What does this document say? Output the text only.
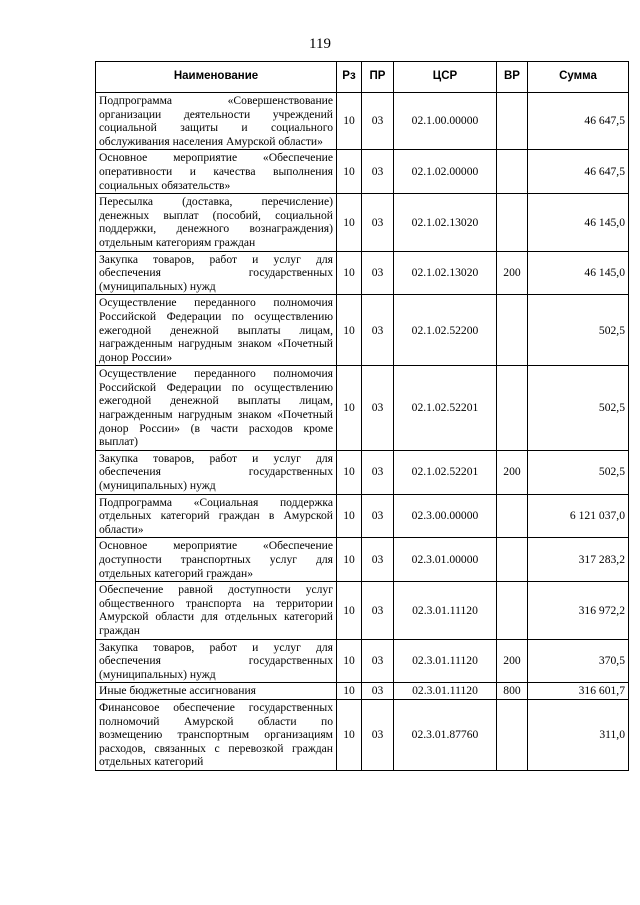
119
Наименование	Рз	ПР	ЦСР	ВР	Сумма
Подпрограмма «Совершенствование организации деятельности учреждений социальной защиты и социального обслуживания населения Амурской области»	10	03	02.1.00.00000		46 647,5
Основное мероприятие «Обеспечение оперативности и качества выполнения социальных обязательств»	10	03	02.1.02.00000		46 647,5
Пересылка (доставка, перечисление) денежных выплат (пособий, социальной поддержки, денежного вознаграждения) отдельным категориям граждан	10	03	02.1.02.13020		46 145,0
Закупка товаров, работ и услуг для обеспечения государственных (муниципальных) нужд	10	03	02.1.02.13020	200	46 145,0
Осуществление переданного полномочия Российской Федерации по осуществлению ежегодной денежной выплаты лицам, награжденным нагрудным знаком «Почетный донор России»	10	03	02.1.02.52200		502,5
Осуществление переданного полномочия Российской Федерации по осуществлению ежегодной денежной выплаты лицам, награжденным нагрудным знаком «Почетный донор России» (в части расходов кроме выплат)	10	03	02.1.02.52201		502,5
Закупка товаров, работ и услуг для обеспечения государственных (муниципальных) нужд	10	03	02.1.02.52201	200	502,5
Подпрограмма «Социальная поддержка отдельных категорий граждан в Амурской области»	10	03	02.3.00.00000		6 121 037,0
Основное мероприятие «Обеспечение доступности транспортных услуг для отдельных категорий граждан»	10	03	02.3.01.00000		317 283,2
Обеспечение равной доступности услуг общественного транспорта на территории Амурской области для отдельных категорий граждан	10	03	02.3.01.11120		316 972,2
Закупка товаров, работ и услуг для обеспечения государственных (муниципальных) нужд	10	03	02.3.01.11120	200	370,5
Иные бюджетные ассигнования	10	03	02.3.01.11120	800	316 601,7
Финансовое обеспечение государственных полномочий Амурской области по возмещению транспортным организациям расходов, связанных с перевозкой граждан отдельных категорий	10	03	02.3.01.87760		311,0
